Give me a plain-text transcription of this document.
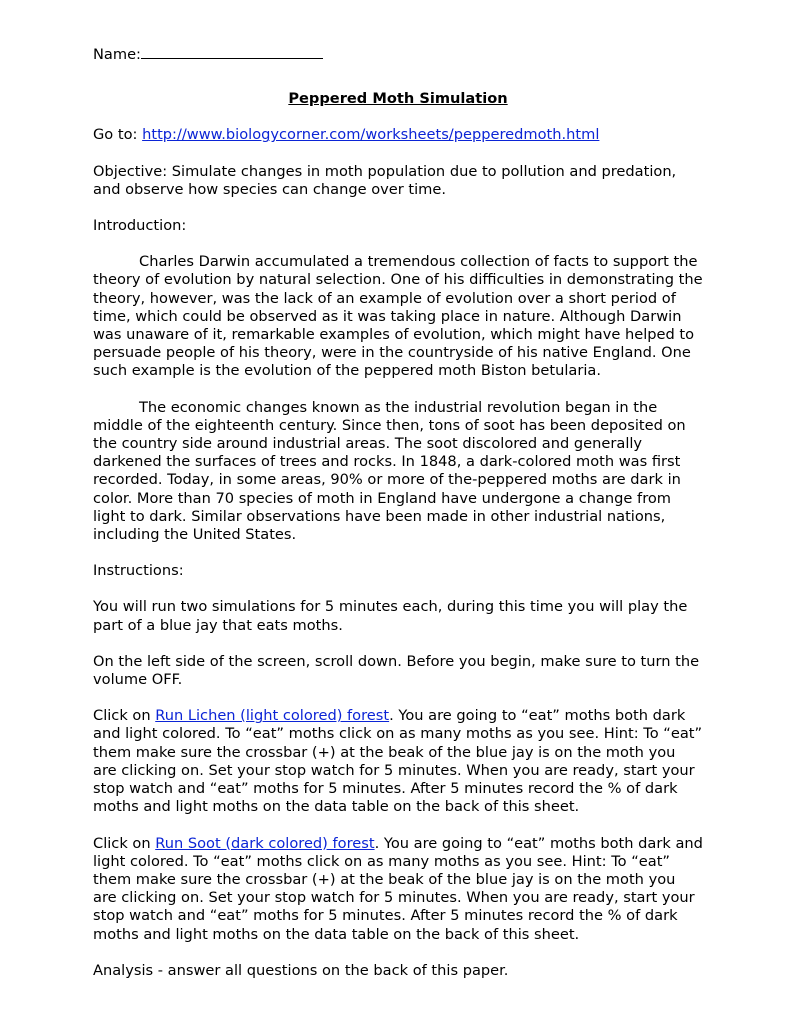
Name:

Peppered Moth Simulation

Go to: http://www.biologycorner.com/worksheets/pepperedmoth.html

Objective: Simulate changes in moth population due to pollution and predation, and observe how species can change over time.

Introduction:

Charles Darwin accumulated a tremendous collection of facts to support the theory of evolution by natural selection. One of his difficulties in demonstrating the theory, however, was the lack of an example of evolution over a short period of time, which could be observed as it was taking place in nature. Although Darwin was unaware of it, remarkable examples of evolution, which might have helped to persuade people of his theory, were in the countryside of his native England. One such example is the evolution of the peppered moth Biston betularia.

The economic changes known as the industrial revolution began in the middle of the eighteenth century. Since then, tons of soot has been deposited on the country side around industrial areas. The soot discolored and generally darkened the surfaces of trees and rocks. In 1848, a dark-colored moth was first recorded. Today, in some areas, 90% or more of the-peppered moths are dark in color. More than 70 species of moth in England have undergone a change from light to dark. Similar observations have been made in other industrial nations, including the United States.

Instructions:

You will run two simulations for 5 minutes each, during this time you will play the part of a blue jay that eats moths.

On the left side of the screen, scroll down. Before you begin, make sure to turn the volume OFF.

Click on Run Lichen (light colored) forest. You are going to “eat” moths both dark and light colored. To “eat” moths click on as many moths as you see. Hint: To “eat” them make sure the crossbar (+) at the beak of the blue jay is on the moth you are clicking on. Set your stop watch for 5 minutes. When you are ready, start your stop watch and “eat” moths for 5 minutes. After 5 minutes record the % of dark moths and light moths on the data table on the back of this sheet.

Click on Run Soot (dark colored) forest. You are going to “eat” moths both dark and light colored. To “eat” moths click on as many moths as you see. Hint: To “eat” them make sure the crossbar (+) at the beak of the blue jay is on the moth you are clicking on. Set your stop watch for 5 minutes. When you are ready, start your stop watch and “eat” moths for 5 minutes. After 5 minutes record the % of dark moths and light moths on the data table on the back of this sheet.

Analysis - answer all questions on the back of this paper.
